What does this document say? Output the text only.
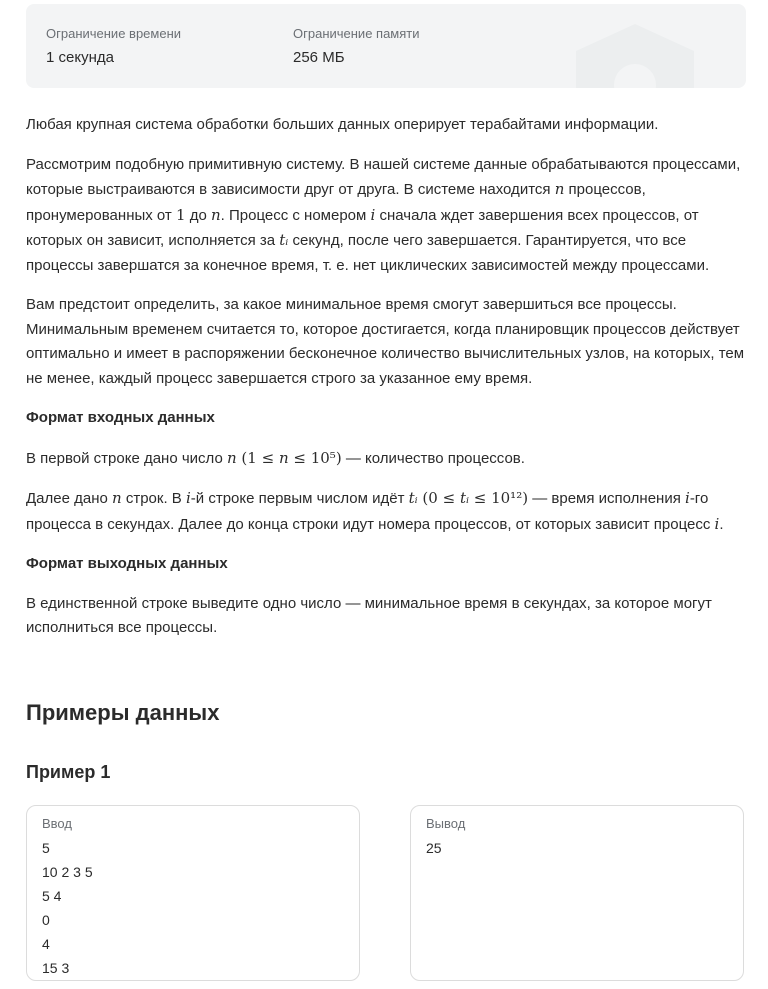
Ограничение времени
1 секунда
Ограничение памяти
256 МБ

Любая крупная система обработки больших данных оперирует терабайтами информации.

Рассмотрим подобную примитивную систему. В нашей системе данные обрабатываются процессами, которые выстраиваются в зависимости друг от друга. В системе находится n процессов, пронумерованных от 1 до n. Процесс с номером i сначала ждет завершения всех процессов, от которых он зависит, исполняется за tᵢ секунд, после чего завершается. Гарантируется, что все процессы завершатся за конечное время, т. е. нет циклических зависимостей между процессами.

Вам предстоит определить, за какое минимальное время смогут завершиться все процессы. Минимальным временем считается то, которое достигается, когда планировщик процессов действует оптимально и имеет в распоряжении бесконечное количество вычислительных узлов, на которых, тем не менее, каждый процесс завершается строго за указанное ему время.

Формат входных данных

В первой строке дано число n (1 ≤ n ≤ 10⁵) — количество процессов.

Далее дано n строк. В i-й строке первым числом идёт tᵢ (0 ≤ tᵢ ≤ 10¹²) — время исполнения i-го процесса в секундах. Далее до конца строки идут номера процессов, от которых зависит процесс i.

Формат выходных данных

В единственной строке выведите одно число — минимальное время в секундах, за которое могут исполниться все процессы.

Примеры данных
Пример 1
Ввод
5
10 2 3 5
5 4
0
4
15 3
Вывод
25
